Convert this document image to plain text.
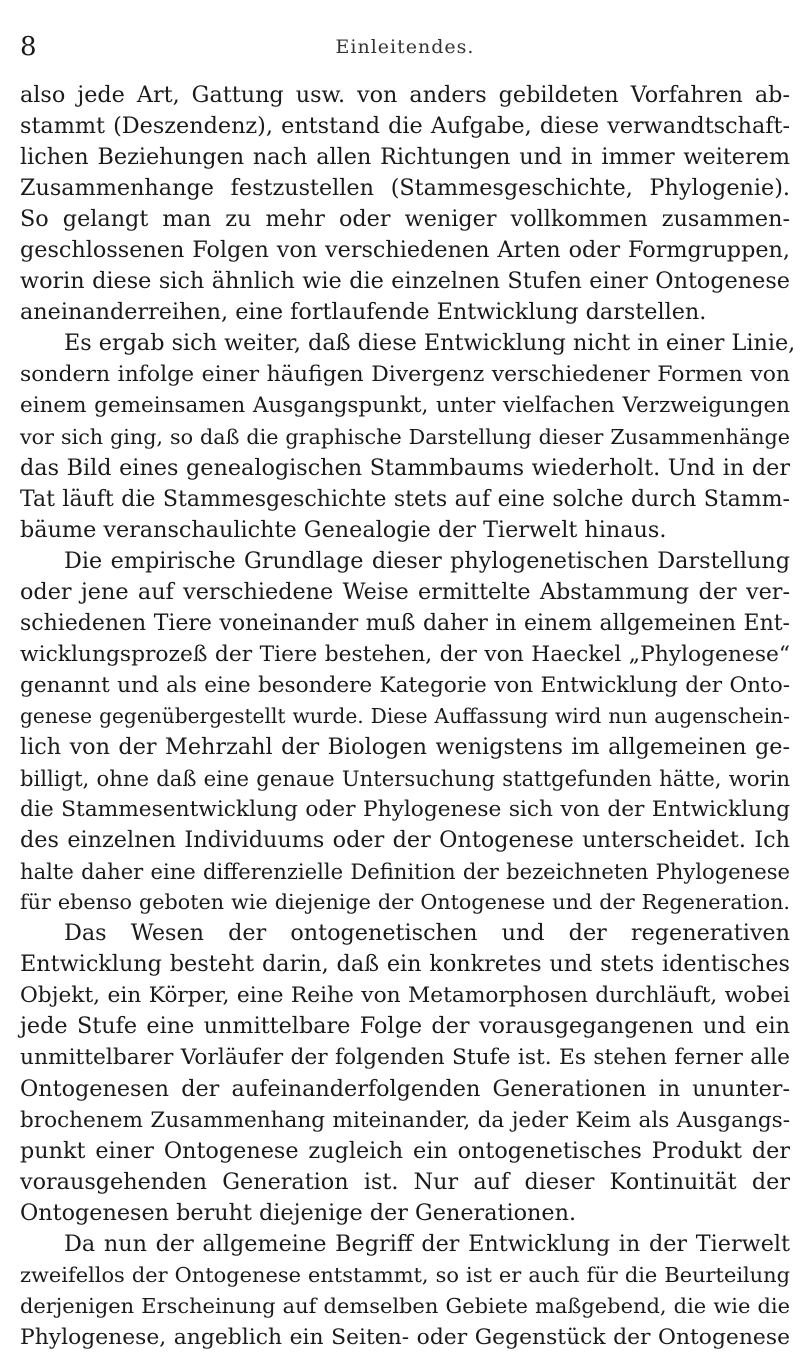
8	Einleitendes.

also jede Art, Gattung usw. von anders gebildeten Vorfahren ab-
stammt (Deszendenz), entstand die Aufgabe, diese verwandtschaft-
lichen Beziehungen nach allen Richtungen und in immer weiterem
Zusammenhange festzustellen (Stammesgeschichte, Phylogenie).
So gelangt man zu mehr oder weniger vollkommen zusammen-
geschlossenen Folgen von verschiedenen Arten oder Formgruppen,
worin diese sich ähnlich wie die einzelnen Stufen einer Ontogenese
aneinanderreihen, eine fortlaufende Entwicklung darstellen.

Es ergab sich weiter, daß diese Entwicklung nicht in einer Linie,
sondern infolge einer häufigen Divergenz verschiedener Formen von
einem gemeinsamen Ausgangspunkt, unter vielfachen Verzweigungen
vor sich ging, so daß die graphische Darstellung dieser Zusammenhänge
das Bild eines genealogischen Stammbaums wiederholt. Und in der
Tat läuft die Stammesgeschichte stets auf eine solche durch Stamm-
bäume veranschaulichte Genealogie der Tierwelt hinaus.

Die empirische Grundlage dieser phylogenetischen Darstellung
oder jene auf verschiedene Weise ermittelte Abstammung der ver-
schiedenen Tiere voneinander muß daher in einem allgemeinen Ent-
wicklungsprozeß der Tiere bestehen, der von Haeckel „Phylogenese“
genannt und als eine besondere Kategorie von Entwicklung der Onto-
genese gegenübergestellt wurde. Diese Auffassung wird nun augenschein-
lich von der Mehrzahl der Biologen wenigstens im allgemeinen ge-
billigt, ohne daß eine genaue Untersuchung stattgefunden hätte, worin
die Stammesentwicklung oder Phylogenese sich von der Entwicklung
des einzelnen Individuums oder der Ontogenese unterscheidet. Ich
halte daher eine differenzielle Definition der bezeichneten Phylogenese
für ebenso geboten wie diejenige der Ontogenese und der Regeneration.

Das Wesen der ontogenetischen und der regenerativen
Entwicklung besteht darin, daß ein konkretes und stets identisches
Objekt, ein Körper, eine Reihe von Metamorphosen durchläuft, wobei
jede Stufe eine unmittelbare Folge der vorausgegangenen und ein
unmittelbarer Vorläufer der folgenden Stufe ist. Es stehen ferner alle
Ontogenesen der aufeinanderfolgenden Generationen in ununter-
brochenem Zusammenhang miteinander, da jeder Keim als Ausgangs-
punkt einer Ontogenese zugleich ein ontogenetisches Produkt der
vorausgehenden Generation ist. Nur auf dieser Kontinuität der
Ontogenesen beruht diejenige der Generationen.

Da nun der allgemeine Begriff der Entwicklung in der Tierwelt
zweifellos der Ontogenese entstammt, so ist er auch für die Beurteilung
derjenigen Erscheinung auf demselben Gebiete maßgebend, die wie die
Phylogenese, angeblich ein Seiten- oder Gegenstück der Ontogenese
